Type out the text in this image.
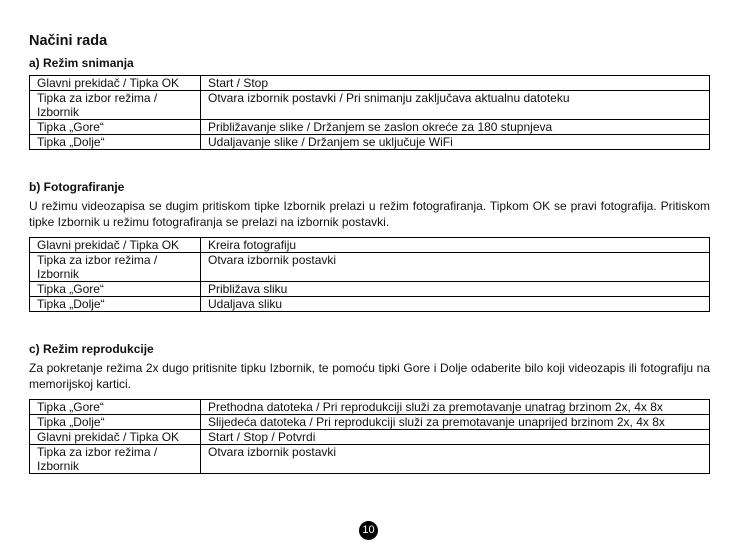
Načini rada
a) Režim snimanja
Glavni prekidač / Tipka OK	Start / Stop
Tipka za izbor režima / Izbornik	Otvara izbornik postavki / Pri snimanju zaključava aktualnu datoteku
Tipka „Gore“	Približavanje slike / Držanjem se zaslon okreće za 180 stupnjeva
Tipka „Dolje“	Udaljavanje slike / Držanjem se uključuje WiFi
b) Fotografiranje

U režimu videozapisa se dugim pritiskom tipke Izbornik prelazi u režim fotografiranja. Tipkom OK se pravi fotografija. Pritiskom tipke Izbornik u režimu fotografiranja se prelazi na izbornik postavki.

Glavni prekidač / Tipka OK	Kreira fotografiju
Tipka za izbor režima / Izbornik	Otvara izbornik postavki
Tipka „Gore“	Približava sliku
Tipka „Dolje“	Udaljava sliku
c) Režim reprodukcije

Za pokretanje režima 2x dugo pritisnite tipku Izbornik, te pomoću tipki Gore i Dolje odaberite bilo koji videozapis ili fotografiju na memorijskoj kartici.

Tipka „Gore“	Prethodna datoteka / Pri reprodukciji služi za premotavanje unatrag brzinom 2x, 4x 8x
Tipka „Dolje“	Slijedeća datoteka / Pri reprodukciji služi za premotavanje unaprijed brzinom 2x, 4x 8x
Glavni prekidač / Tipka OK	Start / Stop / Potvrdi
Tipka za izbor režima / Izbornik	Otvara izbornik postavki
10
